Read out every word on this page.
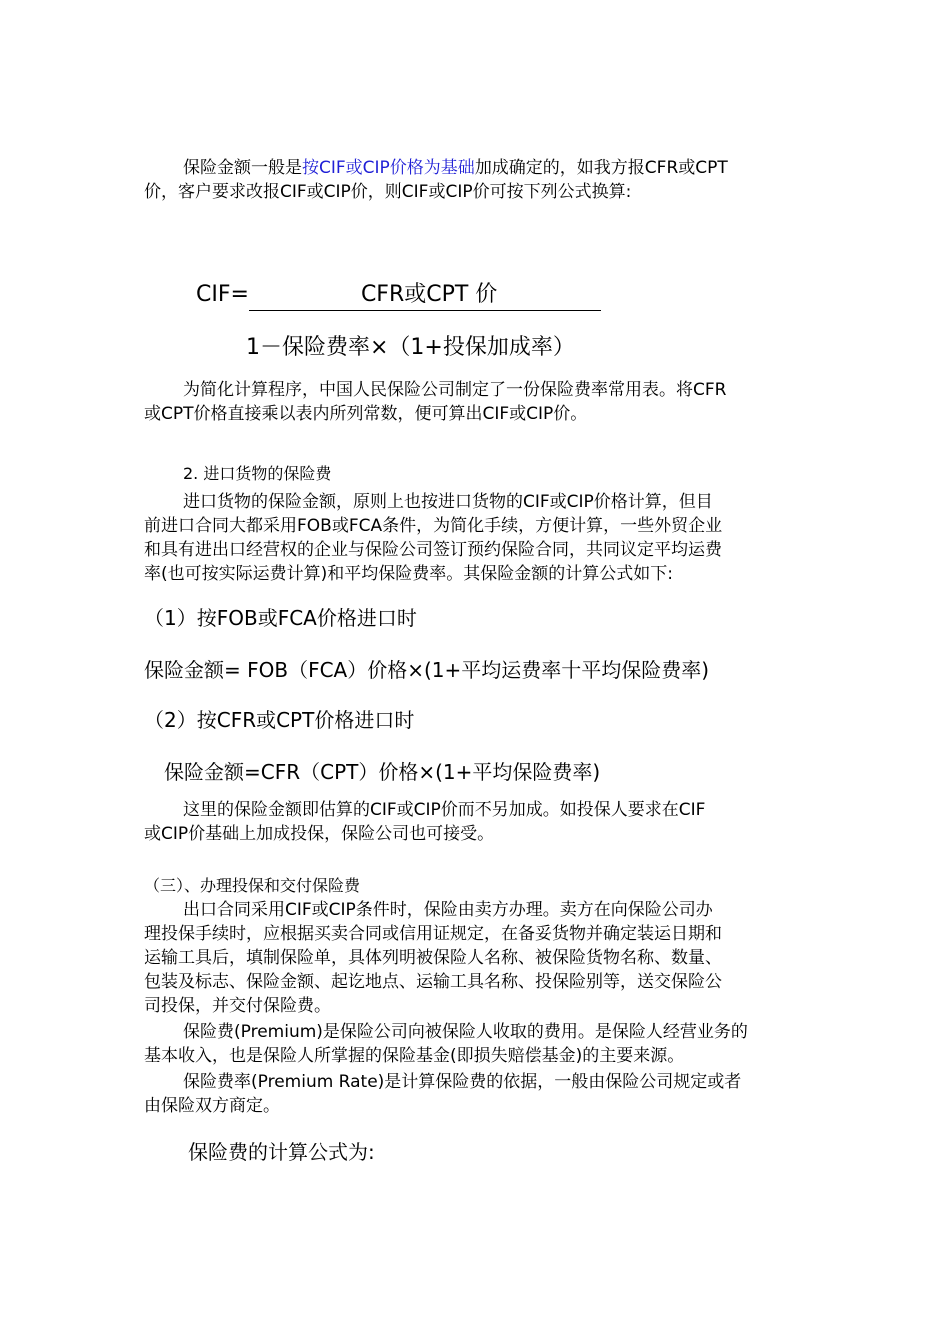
保险金额一般是按CIF或CIP价格为基础加成确定的，如我方报CFR或CPT
价，客户要求改报CIF或CIP价，则CIF或CIP价可按下列公式换算:
CIF=	CFR或CPT 价
1－保险费率×（1+投保加成率）
为简化计算程序，中国人民保险公司制定了一份保险费率常用表。将CFR
或CPT价格直接乘以表内所列常数，便可算出CIF或CIP价。
2. 进口货物的保险费
进口货物的保险金额，原则上也按进口货物的CIF或CIP价格计算，但目
前进口合同大都采用FOB或FCA条件，为简化手续，方便计算，一些外贸企业
和具有进出口经营权的企业与保险公司签订预约保险合同，共同议定平均运费
率(也可按实际运费计算)和平均保险费率。其保险金额的计算公式如下:
（1）按FOB或FCA价格进口时
保险金额= FOB（FCA）价格×(1+平均运费率十平均保险费率)
（2）按CFR或CPT价格进口时
保险金额=CFR（CPT）价格×(1+平均保险费率)
这里的保险金额即估算的CIF或CIP价而不另加成。如投保人要求在CIF
或CIP价基础上加成投保，保险公司也可接受。
（三）、办理投保和交付保险费
出口合同采用CIF或CIP条件时，保险由卖方办理。卖方在向保险公司办
理投保手续时，应根据买卖合同或信用证规定，在备妥货物并确定装运日期和
运输工具后，填制保险单，具体列明被保险人名称、被保险货物名称、数量、
包装及标志、保险金额、起讫地点、运输工具名称、投保险别等，送交保险公
司投保，并交付保险费。
保险费(Premium)是保险公司向被保险人收取的费用。是保险人经营业务的
基本收入，也是保险人所掌握的保险基金(即损失赔偿基金)的主要来源。
保险费率(Premium Rate)是计算保险费的依据，一般由保险公司规定或者
由保险双方商定。
保险费的计算公式为:
